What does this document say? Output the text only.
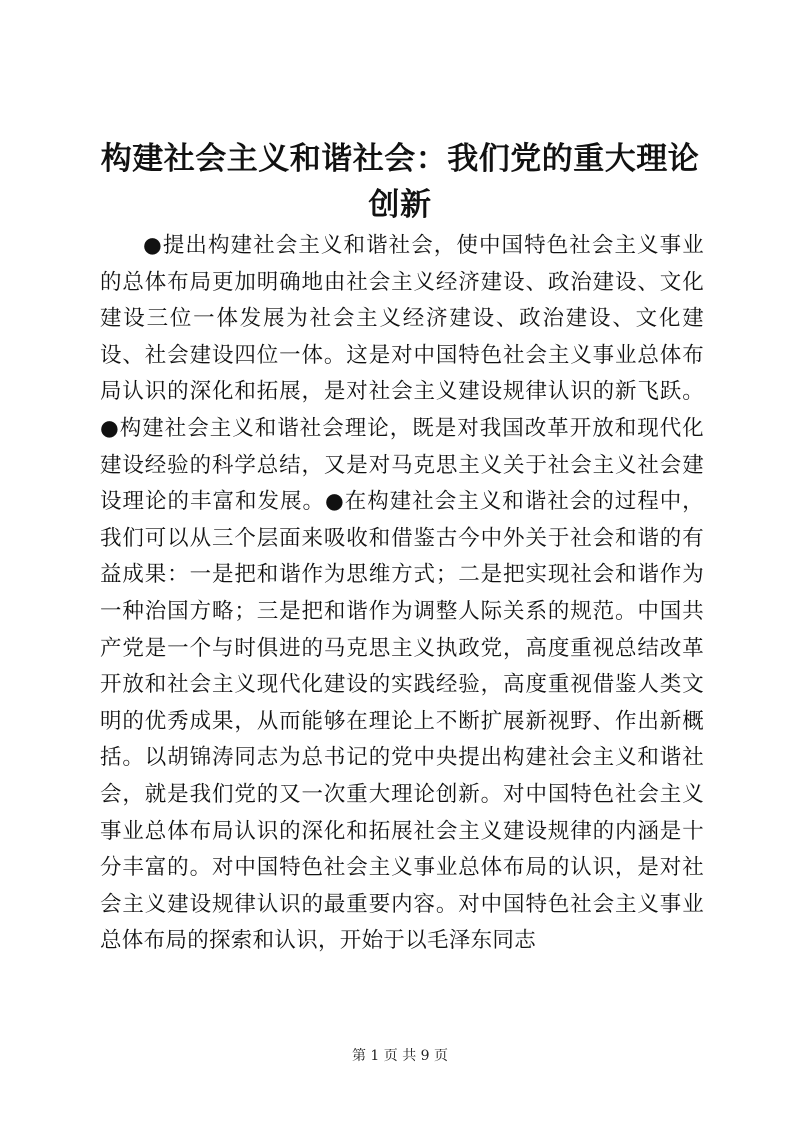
构建社会主义和谐社会：我们党的重大理论创新

●提出构建社会主义和谐社会，使中国特色社会主义事业的总体布局更加明确地由社会主义经济建设、政治建设、文化建设三位一体发展为社会主义经济建设、政治建设、文化建设、社会建设四位一体。这是对中国特色社会主义事业总体布局认识的深化和拓展，是对社会主义建设规律认识的新飞跃。●构建社会主义和谐社会理论，既是对我国改革开放和现代化建设经验的科学总结，又是对马克思主义关于社会主义社会建设理论的丰富和发展。●在构建社会主义和谐社会的过程中，我们可以从三个层面来吸收和借鉴古今中外关于社会和谐的有益成果：一是把和谐作为思维方式；二是把实现社会和谐作为一种治国方略；三是把和谐作为调整人际关系的规范。中国共产党是一个与时俱进的马克思主义执政党，高度重视总结改革开放和社会主义现代化建设的实践经验，高度重视借鉴人类文明的优秀成果，从而能够在理论上不断扩展新视野、作出新概括。以胡锦涛同志为总书记的党中央提出构建社会主义和谐社会，就是我们党的又一次重大理论创新。对中国特色社会主义事业总体布局认识的深化和拓展社会主义建设规律的内涵是十分丰富的。对中国特色社会主义事业总体布局的认识，是对社会主义建设规律认识的最重要内容。对中国特色社会主义事业总体布局的探索和认识，开始于以毛泽东同志

第 1 页 共 9 页
